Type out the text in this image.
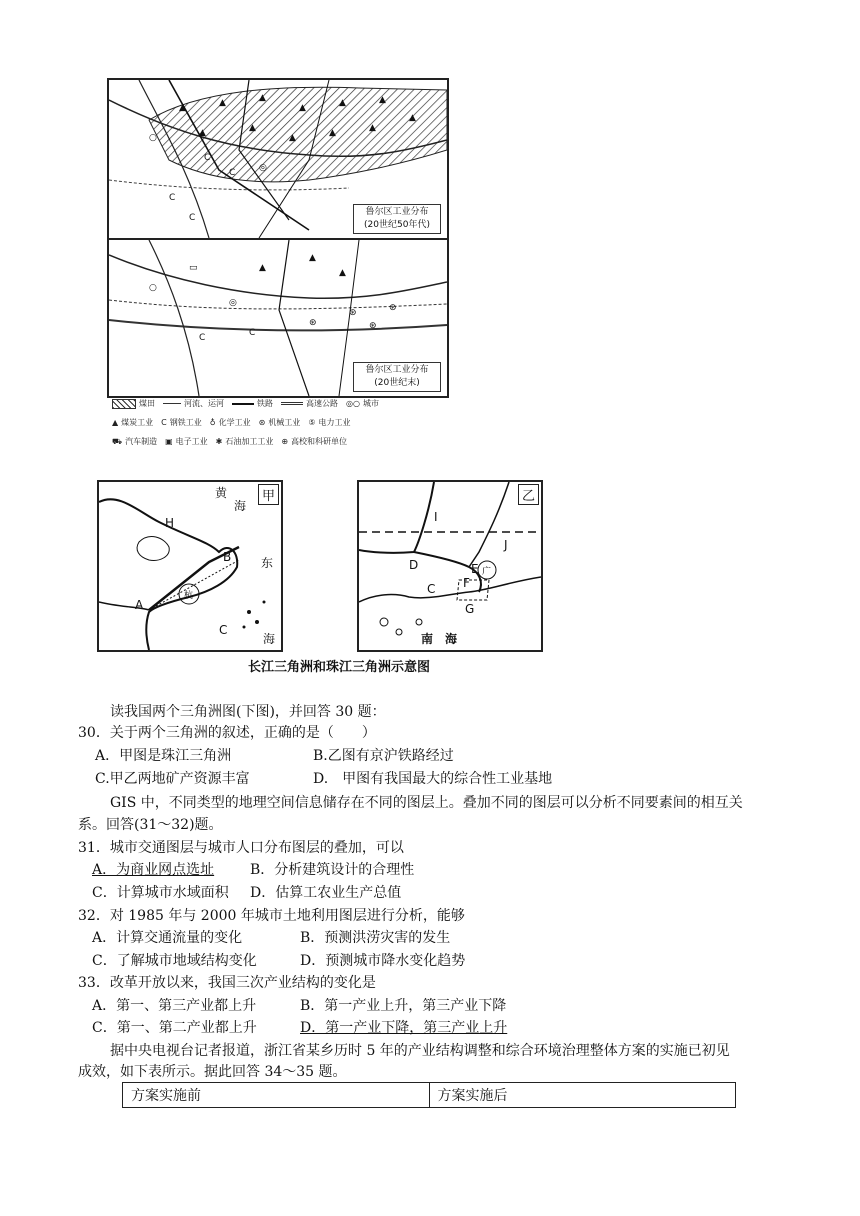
▲	▲	▲
▲	▲	▲
▲
▲	▲
▲	▲	▲
C
C
C
C
◎
○
鲁尔区工业分布
(20世纪50年代)
▲
▲
▲
▭
◎
⊛
⊛
⊛
⊛
C	C
○
鲁尔区工业分布
(20世纪末)
煤田	河流、运河	铁路	高速公路 ◎○ 城市
▲ 煤炭工业 C 钢铁工业 ♁ 化学工业 ⊛ 机械工业 ⑤ 电力工业
⛟ 汽车制造 ▣ 电子工业 ✱ 石油加工工业 ⊕ 高校和科研单位
杭
甲
黄
海
东
海
H
B
A
C
广
乙
南　海
I
J
D
C
E
F
G
长江三角洲和珠江三角洲示意图
读我国两个三角洲图(下图)，并回答 30 题：
30．关于两个三角洲的叙述，正确的是（　　）
A．甲图是珠江三角洲	B.乙图有京沪铁路经过
C.甲乙两地矿产资源丰富	D.　甲图有我国最大的综合性工业基地
GIS 中，不同类型的地理空间信息储存在不同的图层上。叠加不同的图层可以分析不同要素间的相互关
系。回答(31～32)题。
31．城市交通图层与城市人口分布图层的叠加，可以
A．为商业网点选址	B．分析建筑设计的合理性
C．计算城市水域面积 D．估算工农业生产总值
32．对 1985 年与 2000 年城市土地利用图层进行分析，能够
A．计算交通流量的变化	B．预测洪涝灾害的发生
C．了解城市地域结构变化	D．预测城市降水变化趋势
33．改革开放以来，我国三次产业结构的变化是
A．第一、第三产业都上升	B．第一产业上升，第三产业下降
C．第一、第二产业都上升	D．第一产业下降，第三产业上升
据中央电视台记者报道，浙江省某乡历时 5 年的产业结构调整和综合环境治理整体方案的实施已初见
成效，如下表所示。据此回答 34～35 题。
方案实施前	方案实施后
